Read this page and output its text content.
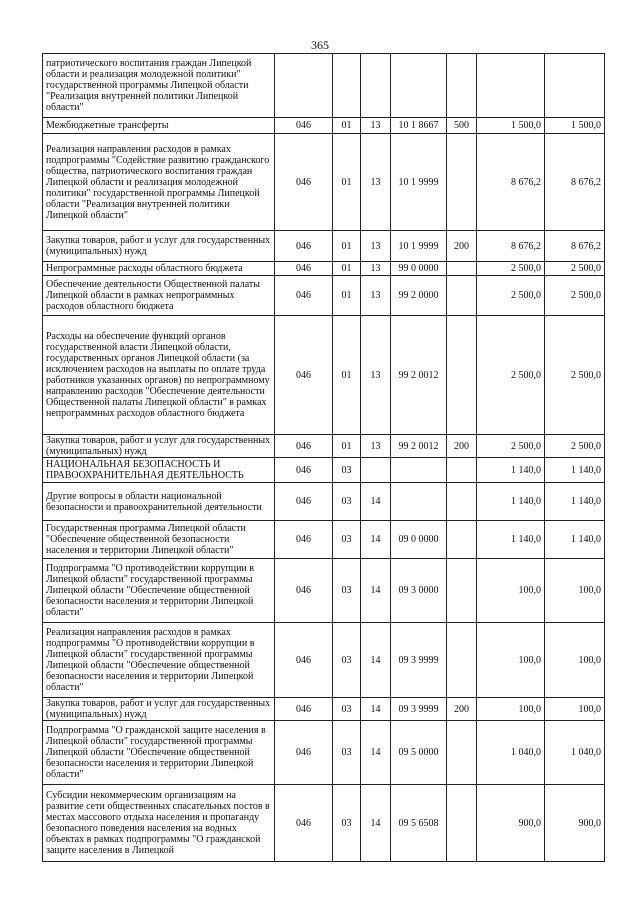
365
патриотического воспитания граждан Липецкой области и реализация молодежной политики" государственной программы Липецкой области "Реализация внутренней политики Липецкой области"							
Межбюджетные трансферты	046	01	13	10 1 8667	500	1 500,0	1 500,0
Реализация направления расходов в рамках подпрограммы "Содействие развитию гражданского общества, патриотического воспитания граждан Липецкой области и реализация молодежной политики" государственной программы Липецкой области "Реализация внутренней политики Липецкой области"	046	01	13	10 1 9999		8 676,2	8 676,2
Закупка товаров, работ и услуг для государственных (муниципальных) нужд	046	01	13	10 1 9999	200	8 676,2	8 676,2
Непрограммные расходы областного бюджета	046	01	13	99 0 0000		2 500,0	2 500,0
Обеспечение деятельности Общественной палаты Липецкой области в рамках непрограммных расходов областного бюджета	046	01	13	99 2 0000		2 500,0	2 500,0
Расходы на обеспечение функций органов государственной власти Липецкой области, государственных органов Липецкой области (за исключением расходов на выплаты по оплате труда работников указанных органов) по непрограммному направлению расходов "Обеспечение деятельности Общественной палаты Липецкой области" в рамках непрограммных расходов областного бюджета	046	01	13	99 2 0012		2 500,0	2 500,0
Закупка товаров, работ и услуг для государственных (муниципальных) нужд	046	01	13	99 2 0012	200	2 500,0	2 500,0
НАЦИОНАЛЬНАЯ БЕЗОПАСНОСТЬ И ПРАВООХРАНИТЕЛЬНАЯ ДЕЯТЕЛЬНОСТЬ	046	03				1 140,0	1 140,0
Другие вопросы в области национальной безопасности и правоохранительной деятельности	046	03	14			1 140,0	1 140,0
Государственная программа Липецкой области "Обеспечение общественной безопасности населения и территории Липецкой области"	046	03	14	09 0 0000		1 140,0	1 140,0
Подпрограмма "О противодействии коррупции в Липецкой области" государственной программы Липецкой области "Обеспечение общественной безопасности населения и территории Липецкой области"	046	03	14	09 3 0000		100,0	100,0
Реализация направления расходов в рамках подпрограммы "О противодействии коррупции в Липецкой области" государственной программы Липецкой области "Обеспечение общественной безопасности населения и территории Липецкой области"	046	03	14	09 3 9999		100,0	100,0
Закупка товаров, работ и услуг для государственных (муниципальных) нужд	046	03	14	09 3 9999	200	100,0	100,0
Подпрограмма "О гражданской защите населения в Липецкой области" государственной программы Липецкой области "Обеспечение общественной безопасности населения и территории Липецкой области"	046	03	14	09 5 0000		1 040,0	1 040,0
Субсидии некоммерческим организациям на развитие сети общественных спасательных постов в местах массового отдыха населения и пропаганду безопасного поведения населения на водных объектах в рамках подпрограммы "О гражданской защите населения в Липецкой	046	03	14	09 5 6508		900,0	900,0
